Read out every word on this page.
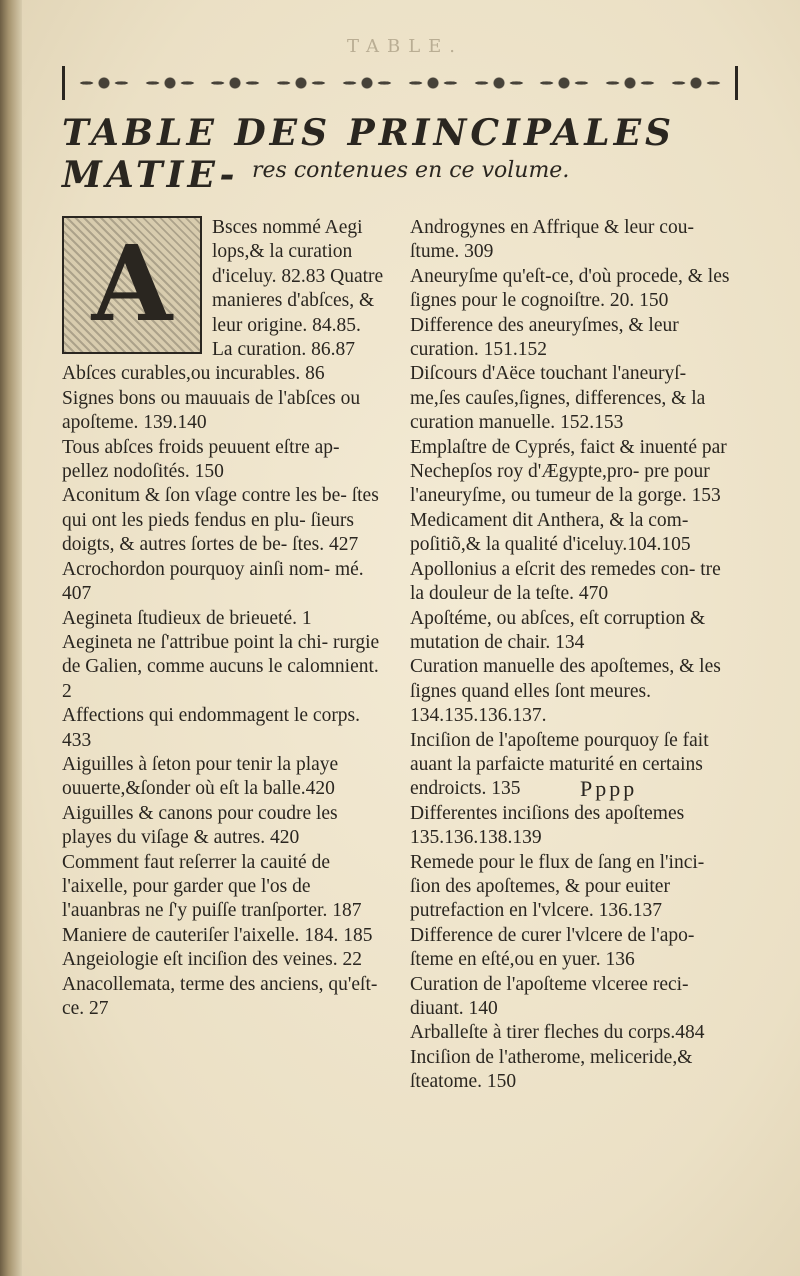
TABLE.
TABLE DES PRINCIPALES MATIE- res contenues en ce volume.
A	Bsces nommé Aegi lops,& la curation d'iceluy. 82.83 Quatre manieres d'abſces, & leur origine. 84.85. La curation. 86.87
Abſces curables,ou incurables. 86
Signes bons ou mauuais de l'abſces ou apoſteme. 139.140
Tous abſces froids peuuent eſtre ap- pellez nodoſités. 150
Aconitum & ſon vſage contre les be- ſtes qui ont les pieds fendus en plu- ſieurs doigts, & autres ſortes de be- ſtes. 427
Acrochordon pourquoy ainſi nom- mé. 407
Aegineta ſtudieux de brieueté. 1
Aegineta ne ſ'attribue point la chi- rurgie de Galien, comme aucuns le calomnient. 2
Affections qui endommagent le corps. 433
Aiguilles à ſeton pour tenir la playe ouuerte,&ſonder où eſt la balle.420
Aiguilles & canons pour coudre les playes du viſage & autres. 420
Comment faut reſerrer la cauité de l'aixelle, pour garder que l'os de l'auanbras ne ſ'y puiſſe tranſporter. 187
Maniere de cauteriſer l'aixelle. 184. 185
Angeiologie eſt inciſion des veines. 22
Anacollemata, terme des anciens, qu'eſt-ce. 27
Androgynes en Affrique & leur cou- ſtume. 309
Aneuryſme qu'eſt-ce, d'où procede, & les ſignes pour le cognoiſtre. 20. 150
Difference des aneuryſmes, & leur curation. 151.152
Diſcours d'Aëce touchant l'aneuryſ- me,ſes cauſes,ſignes, differences, & la curation manuelle. 152.153
Emplaſtre de Cyprés, faict & inuenté par Nechepſos roy d'Ægypte,pro- pre pour l'aneuryſme, ou tumeur de la gorge. 153
Medicament dit Anthera, & la com- poſitiõ,& la qualité d'iceluy.104.105
Apollonius a eſcrit des remedes con- tre la douleur de la teſte. 470
Apoſtéme, ou abſces, eſt corruption & mutation de chair. 134
Curation manuelle des apoſtemes, & les ſignes quand elles ſont meures. 134.135.136.137.
Inciſion de l'apoſteme pourquoy ſe fait auant la parfaicte maturité en certains endroicts. 135
Differentes inciſions des apoſtemes 135.136.138.139
Remede pour le flux de ſang en l'inci- ſion des apoſtemes, & pour euiter putrefaction en l'vlcere. 136.137
Difference de curer l'vlcere de l'apo- ſteme en eſté,ou en yuer. 136
Curation de l'apoſteme vlceree reci- diuant. 140
Arballeſte à tirer fleches du corps.484
Inciſion de l'atherome, meliceride,& ſteatome. 150
Pppp
